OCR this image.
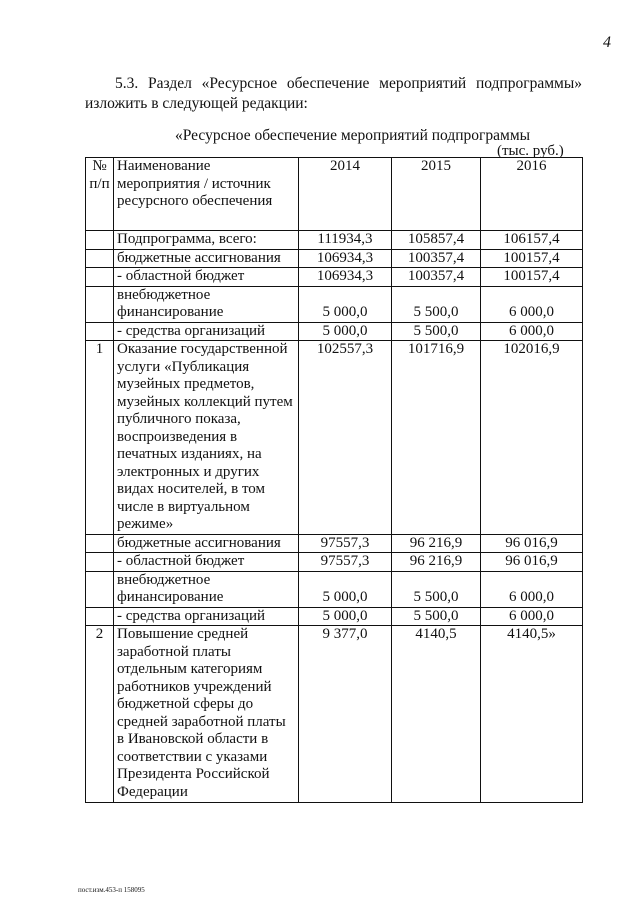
4
5.3. Раздел «Ресурсное обеспечение мероприятий подпрограммы» изложить в следующей редакции:
«Ресурсное обеспечение мероприятий подпрограммы
(тыс. руб.)
№ п/п	Наименование мероприятия / источник ресурсного обеспечения	2014	2015	2016
	Подпрограмма, всего:	111934,3	105857,4	106157,4
	бюджетные ассигнования	106934,3	100357,4	100157,4
	- областной бюджет	106934,3	100357,4	100157,4
	внебюджетное финансирование	5 000,0	5 500,0	6 000,0
	- средства организаций	5 000,0	5 500,0	6 000,0
1	Оказание государственной услуги «Публикация музейных предметов, музейных коллекций путем публичного показа, воспроизведения в печатных изданиях, на электронных и других видах носителей, в том числе в виртуальном режиме»	102557,3	101716,9	102016,9
	бюджетные ассигнования	97557,3	96 216,9	96 016,9
	- областной бюджет	97557,3	96 216,9	96 016,9
	внебюджетное финансирование	5 000,0	5 500,0	6 000,0
	- средства организаций	5 000,0	5 500,0	6 000,0
2	Повышение средней заработной платы отдельным категориям работников учреждений бюджетной сферы до средней заработной платы в Ивановской области в соответствии с указами Президента Российской Федерации	9 377,0	4140,5	4140,5»
пост.изм.453-п 158095
